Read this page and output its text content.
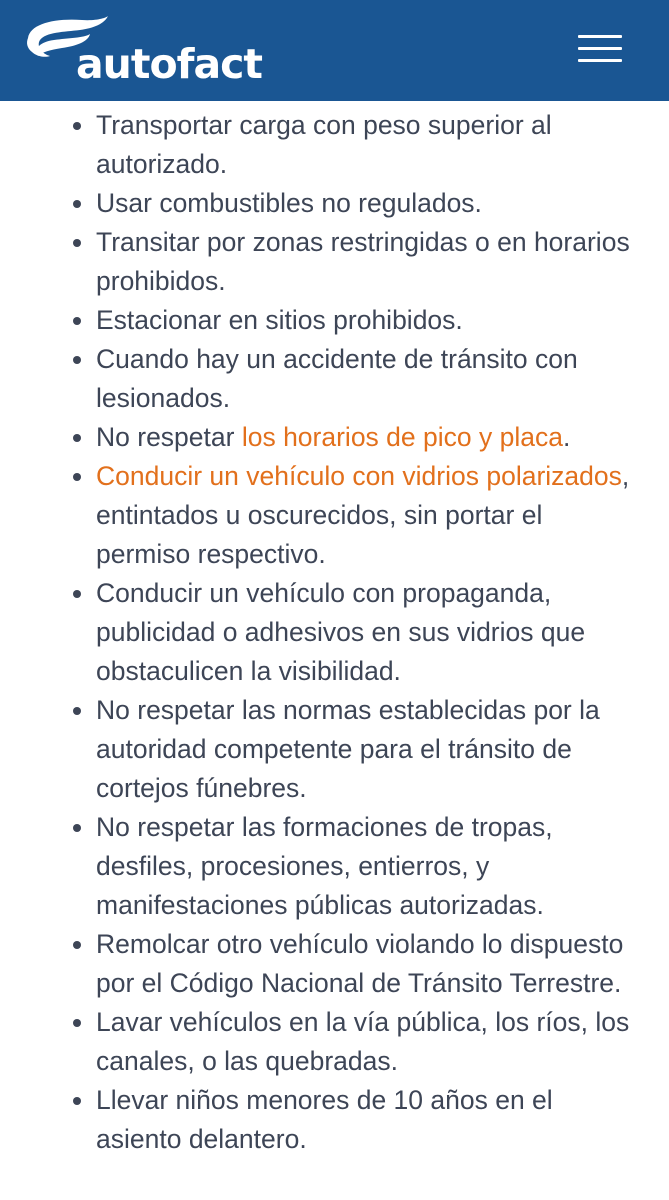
autofact
Transportar carga con peso superior al autorizado.
Usar combustibles no regulados.
Transitar por zonas restringidas o en horarios prohibidos.
Estacionar en sitios prohibidos.
Cuando hay un accidente de tránsito con lesionados.
No respetar los horarios de pico y placa.
Conducir un vehículo con vidrios polarizados, entintados u oscurecidos, sin portar el permiso respectivo.
Conducir un vehículo con propaganda, publicidad o adhesivos en sus vidrios que obstaculicen la visibilidad.
No respetar las normas establecidas por la autoridad competente para el tránsito de cortejos fúnebres.
No respetar las formaciones de tropas, desfiles, procesiones, entierros, y manifestaciones públicas autorizadas.
Remolcar otro vehículo violando lo dispuesto por el Código Nacional de Tránsito Terrestre.
Lavar vehículos en la vía pública, los ríos, los canales, o las quebradas.
Llevar niños menores de 10 años en el asiento delantero.
